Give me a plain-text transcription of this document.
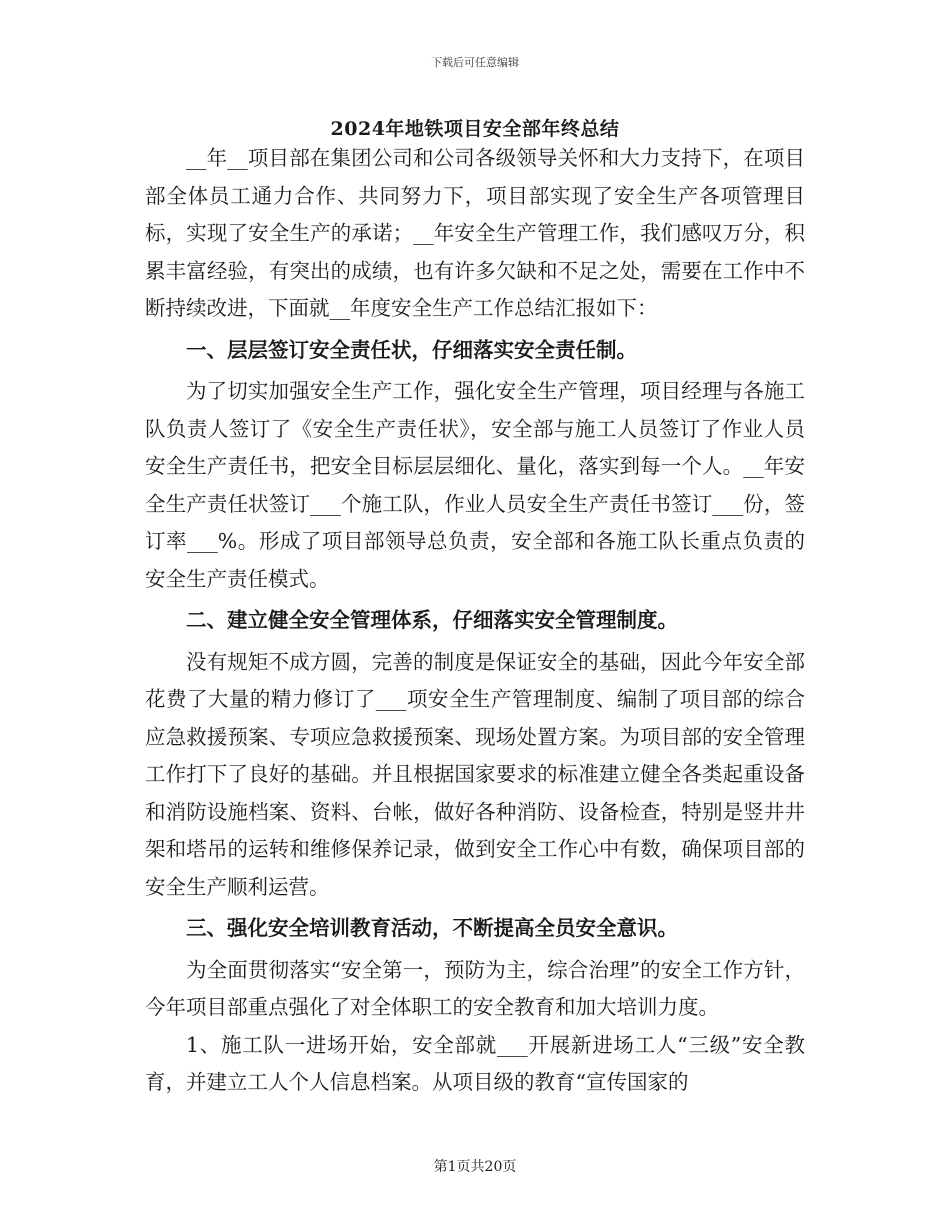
下载后可任意编辑
2024年地铁项目安全部年终总结

__年__项目部在集团公司和公司各级领导关怀和大力支持下，在项目部全体员工通力合作、共同努力下，项目部实现了安全生产各项管理目标，实现了安全生产的承诺；__年安全生产管理工作，我们感叹万分，积累丰富经验，有突出的成绩，也有许多欠缺和不足之处，需要在工作中不断持续改进，下面就__年度安全生产工作总结汇报如下：

一、层层签订安全责任状，仔细落实安全责任制。

为了切实加强安全生产工作，强化安全生产管理，项目经理与各施工队负责人签订了《安全生产责任状》，安全部与施工人员签订了作业人员安全生产责任书，把安全目标层层细化、量化，落实到每一个人。__年安全生产责任状签订___个施工队，作业人员安全生产责任书签订___份，签订率___%。形成了项目部领导总负责，安全部和各施工队长重点负责的安全生产责任模式。

二、建立健全安全管理体系，仔细落实安全管理制度。

没有规矩不成方圆，完善的制度是保证安全的基础，因此今年安全部花费了大量的精力修订了___项安全生产管理制度、编制了项目部的综合应急救援预案、专项应急救援预案、现场处置方案。为项目部的安全管理工作打下了良好的基础。并且根据国家要求的标准建立健全各类起重设备和消防设施档案、资料、台帐，做好各种消防、设备检查，特别是竖井井架和塔吊的运转和维修保养记录，做到安全工作心中有数，确保项目部的安全生产顺利运营。

三、强化安全培训教育活动，不断提高全员安全意识。

为全面贯彻落实“安全第一，预防为主，综合治理”的安全工作方针，今年项目部重点强化了对全体职工的安全教育和加大培训力度。

1、施工队一进场开始，安全部就___开展新进场工人“三级”安全教育，并建立工人个人信息档案。从项目级的教育“宣传国家的

第1页共20页
